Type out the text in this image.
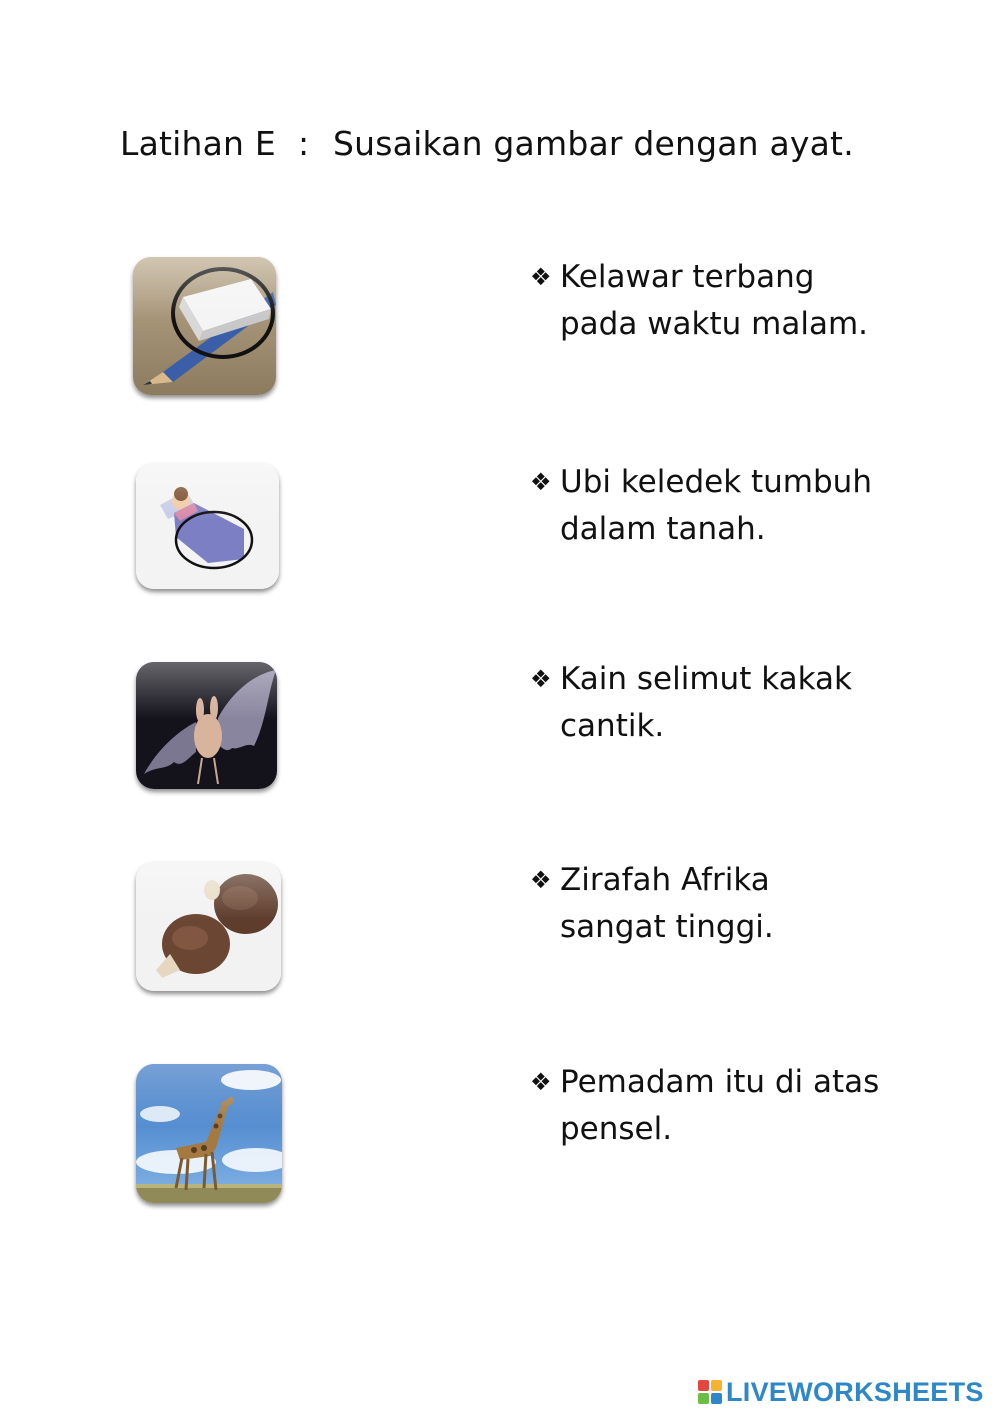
Latihan E : Susaikan gambar dengan ayat.
❖ Kelawar terbang
pada waktu malam.
❖ Ubi keledek tumbuh
dalam tanah.
❖ Kain selimut kakak
cantik.
❖ Zirafah Afrika
sangat tinggi.
❖ Pemadam itu di atas
pensel.
LIVEWORKSHEETS
